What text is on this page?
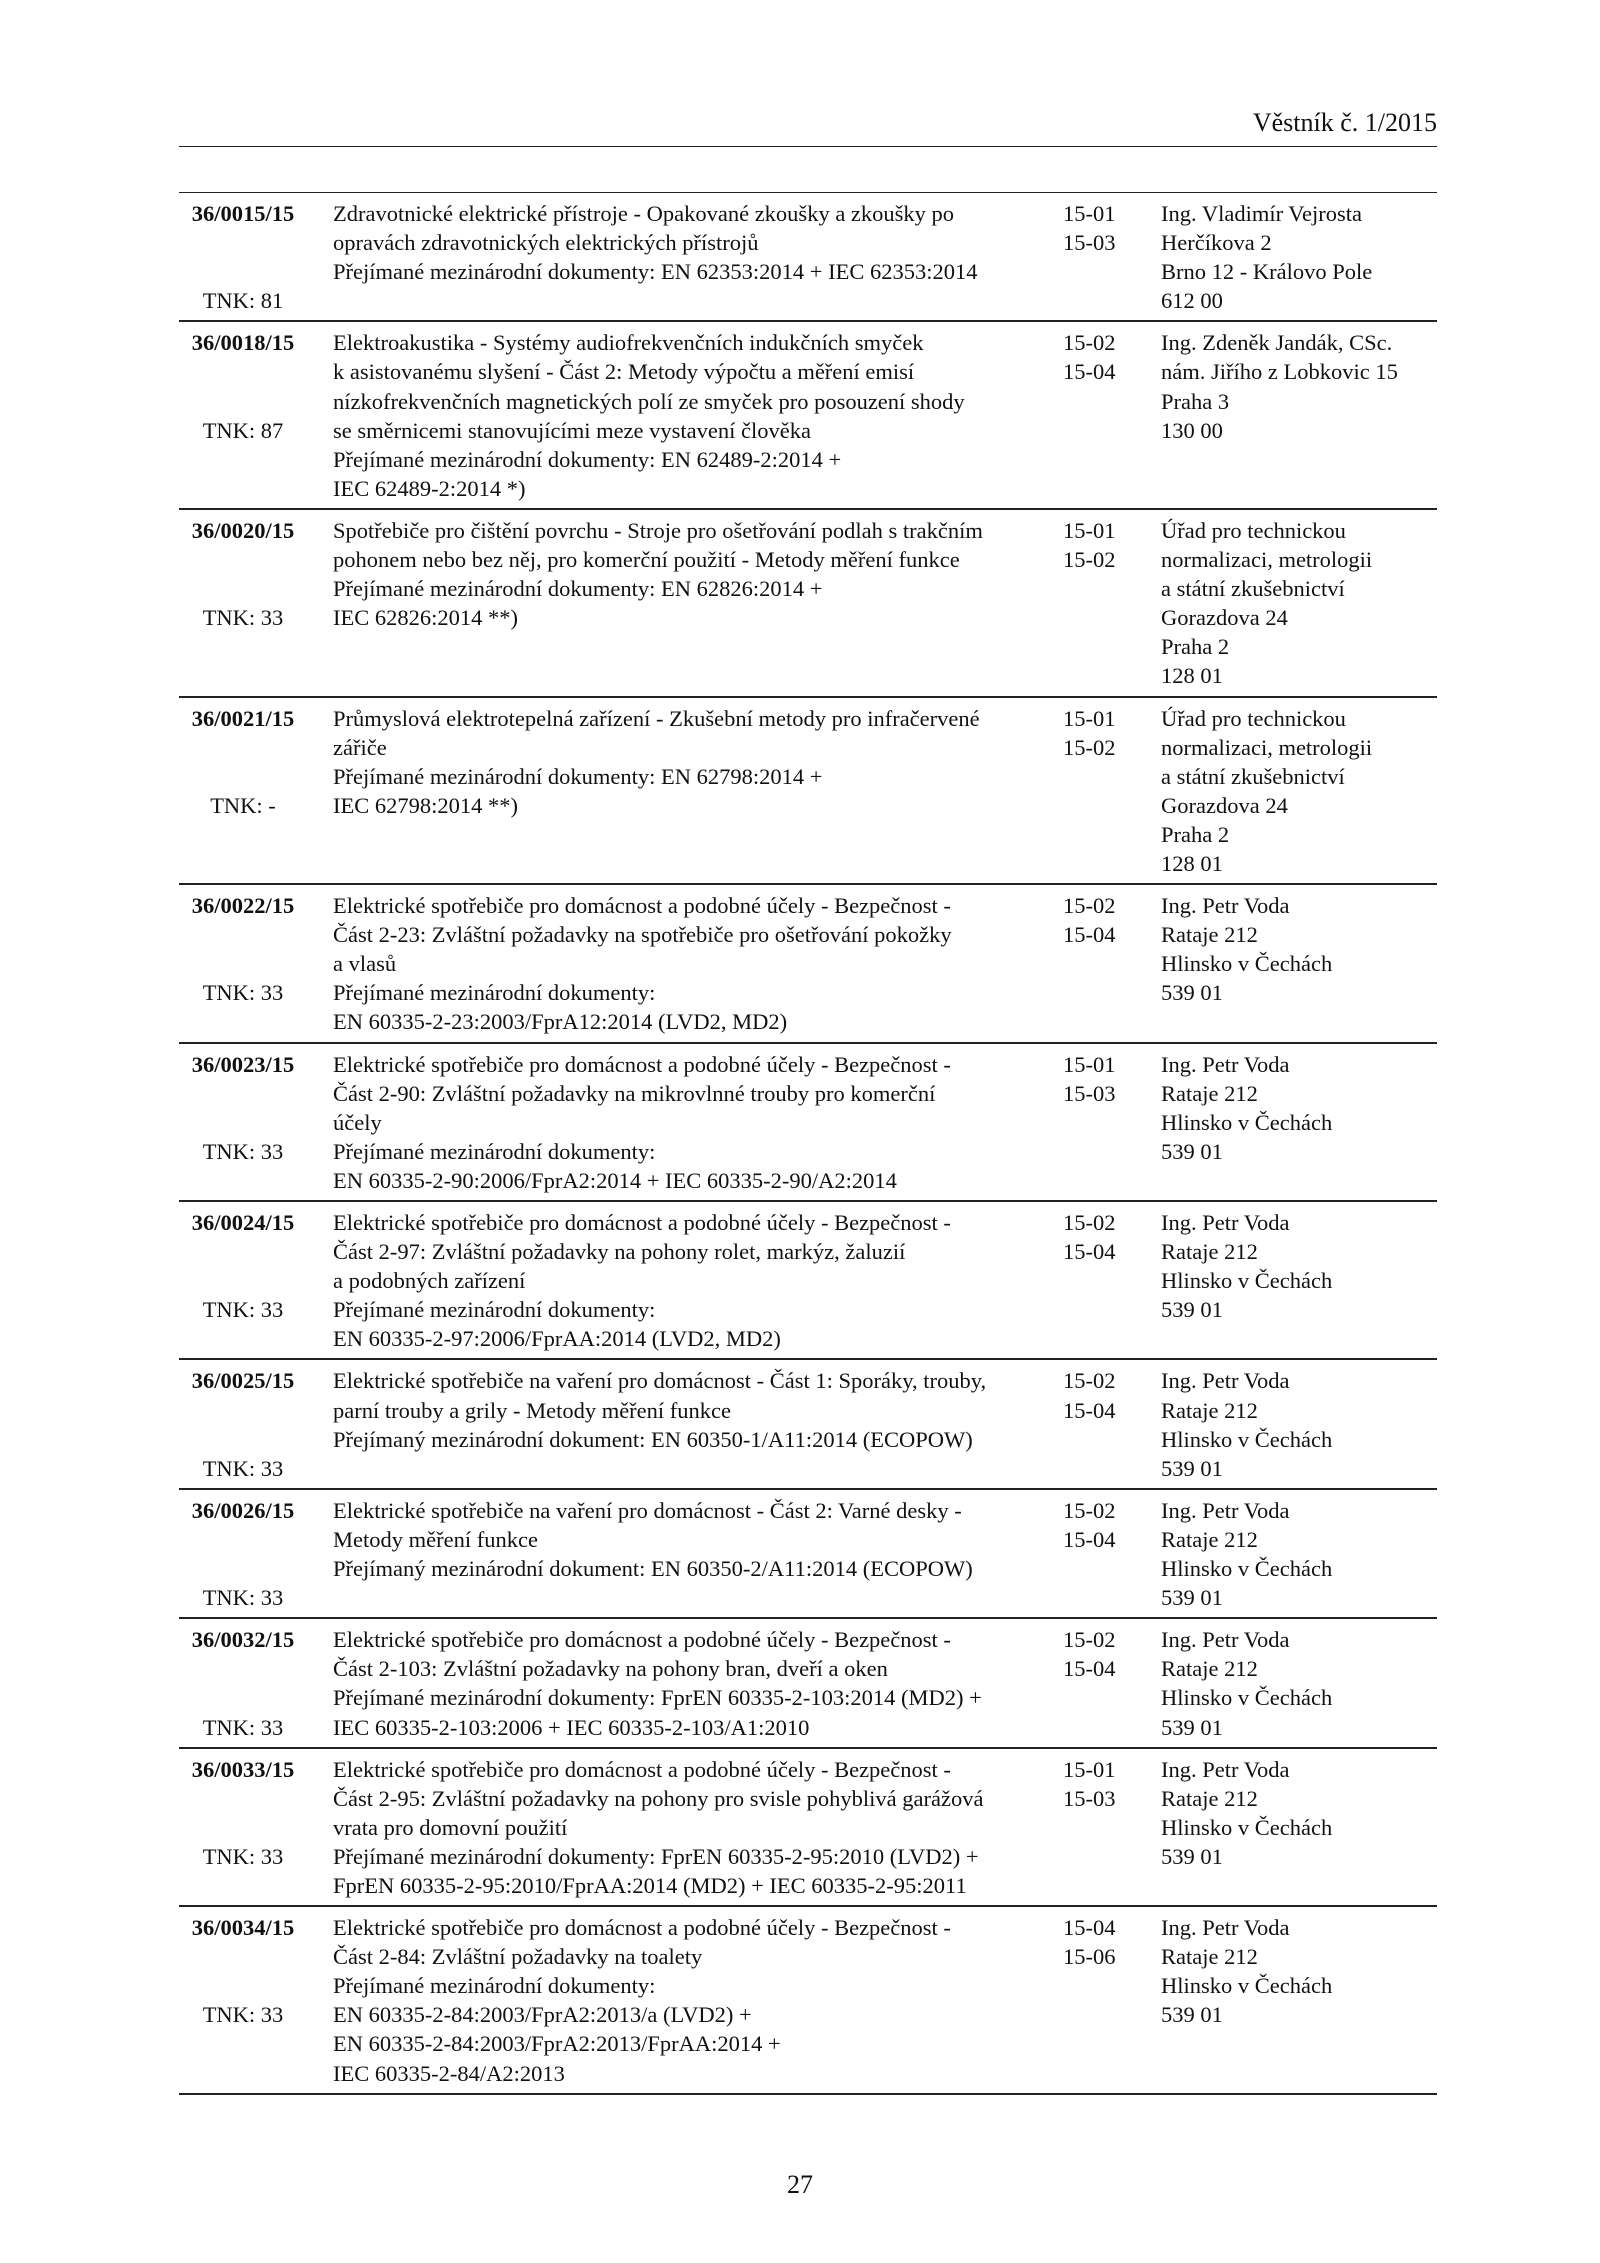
Věstník č. 1/2015
36/0015/15
TNK: 81
Zdravotnické elektrické přístroje - Opakované zkoušky a zkoušky po
opravách zdravotnických elektrických přístrojů
Přejímané mezinárodní dokumenty: EN 62353:2014 + IEC 62353:2014
15-01
15-03
Ing. Vladimír Vejrosta
Herčíkova 2
Brno 12 - Královo Pole
612 00
36/0018/15
TNK: 87
Elektroakustika - Systémy audiofrekvenčních indukčních smyček
k asistovanému slyšení - Část 2: Metody výpočtu a měření emisí
nízkofrekvenčních magnetických polí ze smyček pro posouzení shody
se směrnicemi stanovujícími meze vystavení člověka
Přejímané mezinárodní dokumenty: EN 62489-2:2014 +
IEC 62489-2:2014 *)
15-02
15-04
Ing. Zdeněk Jandák, CSc.
nám. Jiřího z Lobkovic 15
Praha 3
130 00
36/0020/15
TNK: 33
Spotřebiče pro čištění povrchu - Stroje pro ošetřování podlah s trakčním
pohonem nebo bez něj, pro komerční použití - Metody měření funkce
Přejímané mezinárodní dokumenty: EN 62826:2014 +
IEC 62826:2014 **)
15-01
15-02
Úřad pro technickou
normalizaci, metrologii
a státní zkušebnictví
Gorazdova 24
Praha 2
128 01
36/0021/15
TNK: -
Průmyslová elektrotepelná zařízení - Zkušební metody pro infračervené
zářiče
Přejímané mezinárodní dokumenty: EN 62798:2014 +
IEC 62798:2014 **)
15-01
15-02
Úřad pro technickou
normalizaci, metrologii
a státní zkušebnictví
Gorazdova 24
Praha 2
128 01
36/0022/15
TNK: 33
Elektrické spotřebiče pro domácnost a podobné účely - Bezpečnost -
Část 2-23: Zvláštní požadavky na spotřebiče pro ošetřování pokožky
a vlasů
Přejímané mezinárodní dokumenty:
EN 60335-2-23:2003/FprA12:2014 (LVD2, MD2)
15-02
15-04
Ing. Petr Voda
Rataje 212
Hlinsko v Čechách
539 01
36/0023/15
TNK: 33
Elektrické spotřebiče pro domácnost a podobné účely - Bezpečnost -
Část 2-90: Zvláštní požadavky na mikrovlnné trouby pro komerční
účely
Přejímané mezinárodní dokumenty:
EN 60335-2-90:2006/FprA2:2014 + IEC 60335-2-90/A2:2014
15-01
15-03
Ing. Petr Voda
Rataje 212
Hlinsko v Čechách
539 01
36/0024/15
TNK: 33
Elektrické spotřebiče pro domácnost a podobné účely - Bezpečnost -
Část 2-97: Zvláštní požadavky na pohony rolet, markýz, žaluzií
a podobných zařízení
Přejímané mezinárodní dokumenty:
EN 60335-2-97:2006/FprAA:2014 (LVD2, MD2)
15-02
15-04
Ing. Petr Voda
Rataje 212
Hlinsko v Čechách
539 01
36/0025/15
TNK: 33
Elektrické spotřebiče na vaření pro domácnost - Část 1: Sporáky, trouby,
parní trouby a grily - Metody měření funkce
Přejímaný mezinárodní dokument: EN 60350-1/A11:2014 (ECOPOW)
15-02
15-04
Ing. Petr Voda
Rataje 212
Hlinsko v Čechách
539 01
36/0026/15
TNK: 33
Elektrické spotřebiče na vaření pro domácnost - Část 2: Varné desky -
Metody měření funkce
Přejímaný mezinárodní dokument: EN 60350-2/A11:2014 (ECOPOW)
15-02
15-04
Ing. Petr Voda
Rataje 212
Hlinsko v Čechách
539 01
36/0032/15
TNK: 33
Elektrické spotřebiče pro domácnost a podobné účely - Bezpečnost -
Část 2-103: Zvláštní požadavky na pohony bran, dveří a oken
Přejímané mezinárodní dokumenty: FprEN 60335-2-103:2014 (MD2) +
IEC 60335-2-103:2006 + IEC 60335-2-103/A1:2010
15-02
15-04
Ing. Petr Voda
Rataje 212
Hlinsko v Čechách
539 01
36/0033/15
TNK: 33
Elektrické spotřebiče pro domácnost a podobné účely - Bezpečnost -
Část 2-95: Zvláštní požadavky na pohony pro svisle pohyblivá garážová
vrata pro domovní použití
Přejímané mezinárodní dokumenty: FprEN 60335-2-95:2010 (LVD2) +
FprEN 60335-2-95:2010/FprAA:2014 (MD2) + IEC 60335-2-95:2011
15-01
15-03
Ing. Petr Voda
Rataje 212
Hlinsko v Čechách
539 01
36/0034/15
TNK: 33
Elektrické spotřebiče pro domácnost a podobné účely - Bezpečnost -
Část 2-84: Zvláštní požadavky na toalety
Přejímané mezinárodní dokumenty:
EN 60335-2-84:2003/FprA2:2013/a (LVD2) +
EN 60335-2-84:2003/FprA2:2013/FprAA:2014 +
IEC 60335-2-84/A2:2013
15-04
15-06
Ing. Petr Voda
Rataje 212
Hlinsko v Čechách
539 01
27
